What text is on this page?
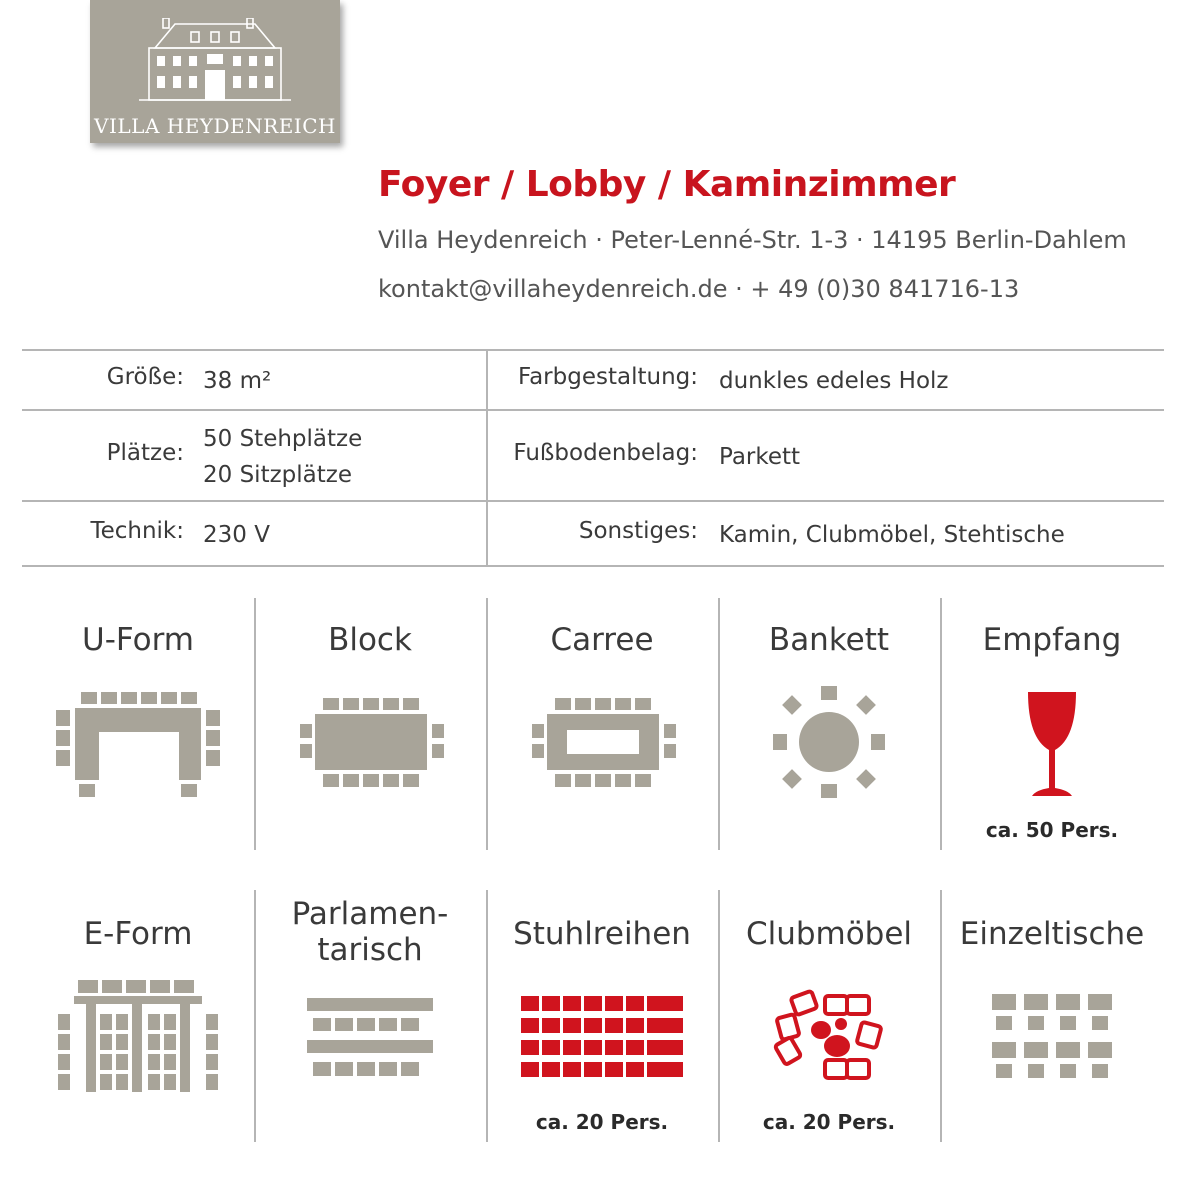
VILLA HEYDENREICH
Foyer / Lobby / Kaminzimmer
Villa Heydenreich · Peter-Lenné-Str. 1-3 · 14195 Berlin-Dahlem
kontakt@villaheydenreich.de · + 49 (0)30 841716-13
Größe: 38 m²
Plätze:
50 Stehplätze
20 Sitzplätze
Technik: 230 V
Farbgestaltung: dunkles edeles Holz
Fußbodenbelag: Parkett
Sonstiges: Kamin, Clubmöbel, Stehtische
U-Form	Block	Carree	Bankett	Empfang
ca. 50 Pers.
E-Form
Parlamen-
tarisch	Stuhlreihen
ca. 20 Pers.
Clubmöbel
ca. 20 Pers.
Einzeltische
